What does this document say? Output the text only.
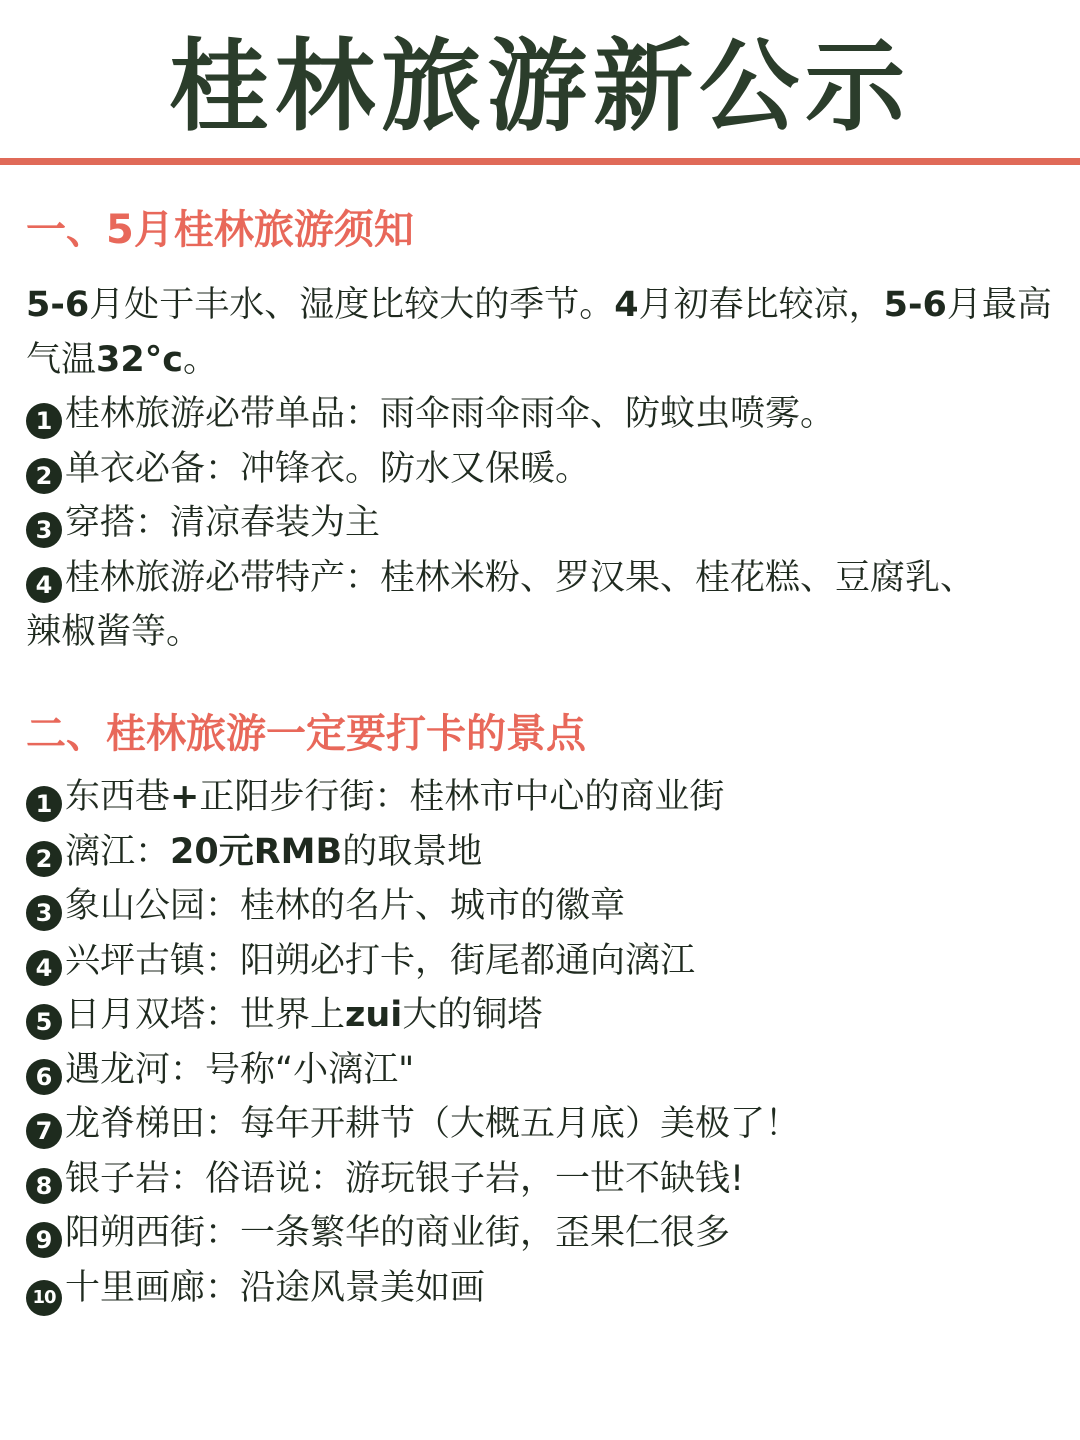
桂林旅游新公示
一、5月桂林旅游须知
5-6月处于丰水、湿度比较大的季节。4月初春比较凉，5-6月最高气温32°c。
1 桂林旅游必带单品：雨伞雨伞雨伞、防蚊虫喷雾。
2 单衣必备：冲锋衣。防水又保暖。
3 穿搭：清凉春装为主
4 桂林旅游必带特产：桂林米粉、罗汉果、桂花糕、豆腐乳、
辣椒酱等。
二、桂林旅游一定要打卡的景点
1 东西巷+正阳步行街：桂林市中心的商业街
2 漓江：20元RMB的取景地
3 象山公园：桂林的名片、城市的徽章
4 兴坪古镇：阳朔必打卡，街尾都通向漓江
5 日月双塔：世界上zui大的铜塔
6 遇龙河：号称“小漓江"
7 龙脊梯田：每年开耕节（大概五月底）美极了！
8 银子岩：俗语说：游玩银子岩，一世不缺钱!
9 阳朔西街：一条繁华的商业街，歪果仁很多
10 十里画廊：沿途风景美如画
